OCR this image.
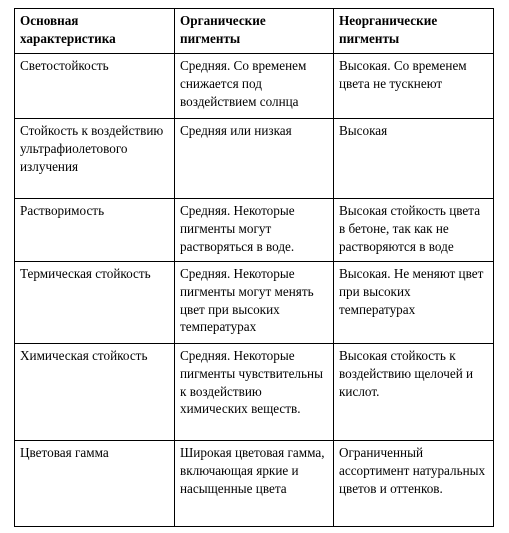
Основная характеристика	Органические пигменты	Неорганические пигменты
Светостойкость	Средняя. Со временем снижается под воздействием солнца	Высокая. Со временем цвета не тускнеют
Стойкость к воздействию ультрафиолетового излучения	Средняя или низкая	Высокая
Растворимость	Средняя. Некоторые пигменты могут растворяться в воде.	Высокая стойкость цвета в бетоне, так как не растворяются в воде
Термическая стойкость	Средняя. Некоторые пигменты могут менять цвет при высоких температурах	Высокая. Не меняют цвет при высоких температурах
Химическая стойкость	Средняя. Некоторые пигменты чувствительны к воздействию химических веществ.	Высокая стойкость к воздействию щелочей и кислот.
Цветовая гамма	Широкая цветовая гамма, включающая яркие и насыщенные цвета	Ограниченный ассортимент натуральных цветов и оттенков.
